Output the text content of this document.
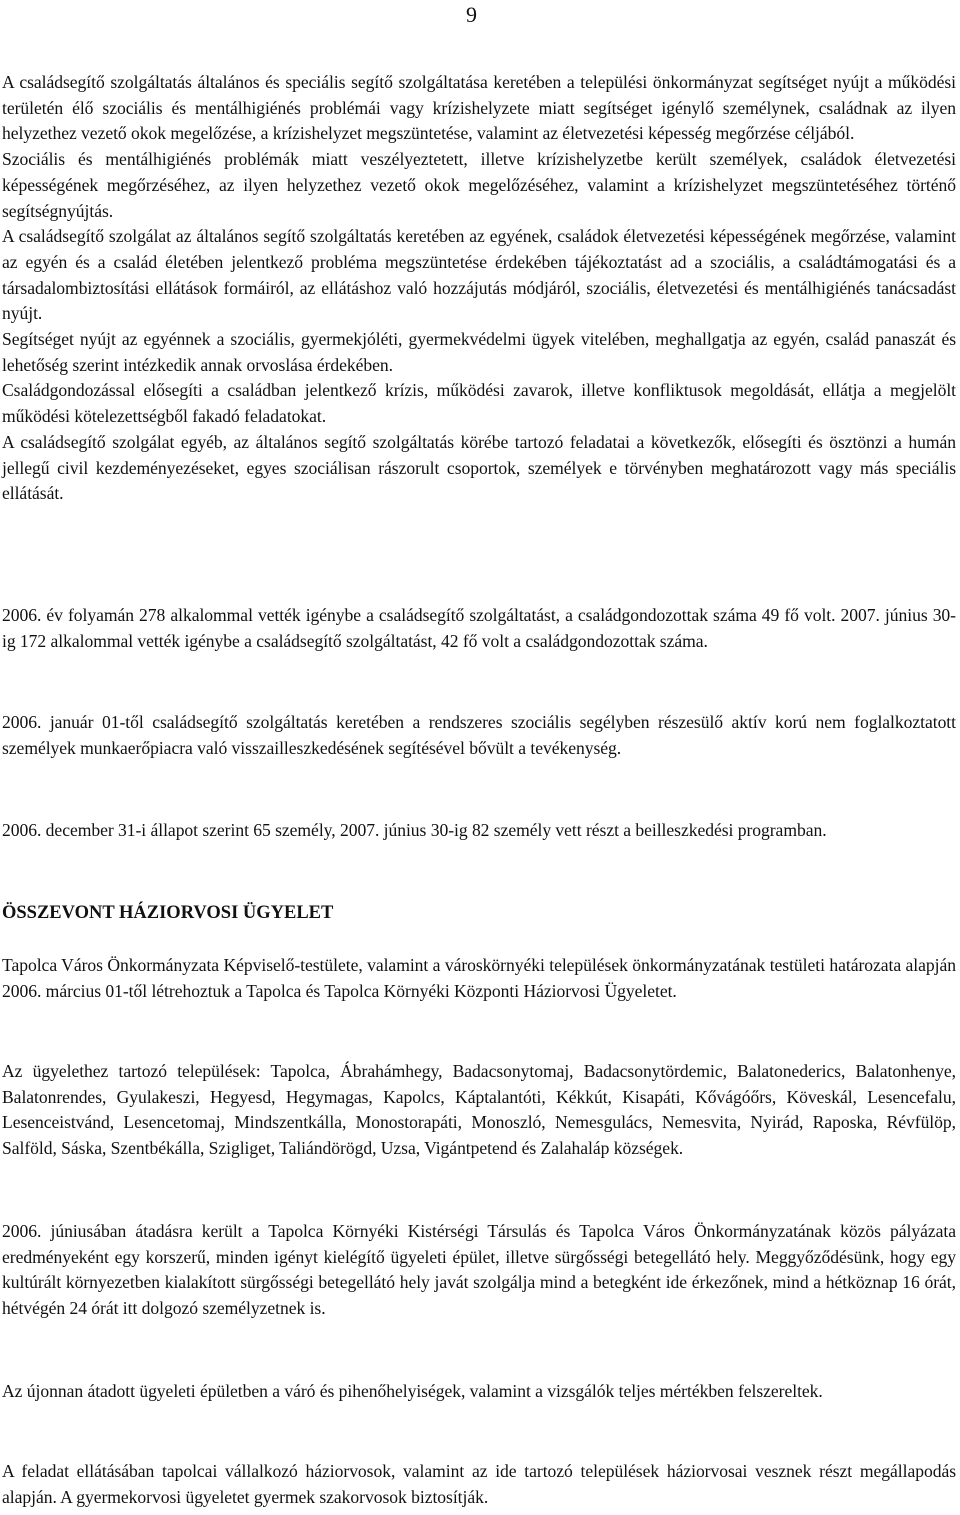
9

A családsegítő szolgáltatás általános és speciális segítő szolgáltatása keretében a települési önkormányzat segítséget nyújt a működési területén élő szociális és mentálhigiénés problémái vagy krízishelyzete miatt segítséget igénylő személynek, családnak az ilyen helyzethez vezető okok megelőzése, a krízishelyzet megszüntetése, valamint az életvezetési képesség megőrzése céljából.

Szociális és mentálhigiénés problémák miatt veszélyeztetett, illetve krízishelyzetbe került személyek, családok életvezetési képességének megőrzéséhez, az ilyen helyzethez vezető okok megelőzéséhez, valamint a krízishelyzet megszüntetéséhez történő segítségnyújtás.

A családsegítő szolgálat az általános segítő szolgáltatás keretében az egyének, családok életvezetési képességének megőrzése, valamint az egyén és a család életében jelentkező probléma megszüntetése érdekében tájékoztatást ad a szociális, a családtámogatási és a társadalombiztosítási ellátások formáiról, az ellátáshoz való hozzájutás módjáról, szociális, életvezetési és mentálhigiénés tanácsadást nyújt.

Segítséget nyújt az egyénnek a szociális, gyermekjóléti, gyermekvédelmi ügyek vitelében, meghallgatja az egyén, család panaszát és lehetőség szerint intézkedik annak orvoslása érdekében.

Családgondozással elősegíti a családban jelentkező krízis, működési zavarok, illetve konfliktusok megoldását, ellátja a megjelölt működési kötelezettségből fakadó feladatokat.

A családsegítő szolgálat egyéb, az általános segítő szolgáltatás körébe tartozó feladatai a következők, elősegíti és ösztönzi a humán jellegű civil kezdeményezéseket, egyes szociálisan rászorult csoportok, személyek e törvényben meghatározott vagy más speciális ellátását.

2006. év folyamán 278 alkalommal vették igénybe a családsegítő szolgáltatást, a családgondozottak száma 49 fő volt. 2007. június 30-ig 172 alkalommal vették igénybe a családsegítő szolgáltatást, 42 fő volt a családgondozottak száma.
2006. január 01-től családsegítő szolgáltatás keretében a rendszeres szociális segélyben részesülő aktív korú nem foglalkoztatott személyek munkaerőpiacra való visszailleszkedésének segítésével bővült a tevékenység.
2006. december 31-i állapot szerint 65 személy, 2007. június 30-ig 82 személy vett részt a beilleszkedési programban.
ÖSSZEVONT HÁZIORVOSI ÜGYELET
Tapolca Város Önkormányzata Képviselő-testülete, valamint a városkörnyéki települések önkormányzatának testületi határozata alapján 2006. március 01-től létrehoztuk a Tapolca és Tapolca Környéki Központi Háziorvosi Ügyeletet.
Az ügyelethez tartozó települések: Tapolca, Ábrahámhegy, Badacsonytomaj, Badacsonytördemic, Balatonederics, Balatonhenye, Balatonrendes, Gyulakeszi, Hegyesd, Hegymagas, Kapolcs, Káptalantóti, Kékkút, Kisapáti, Kővágóőrs, Köveskál, Lesencefalu, Lesenceistvánd, Lesencetomaj, Mindszentkálla, Monostorapáti, Monoszló, Nemesgulács, Nemesvita, Nyirád, Raposka, Révfülöp, Salföld, Sáska, Szentbékálla, Szigliget, Taliándörögd, Uzsa, Vigántpetend és Zalahaláp községek.
2006. júniusában átadásra került a Tapolca Környéki Kistérségi Társulás és Tapolca Város Önkormányzatának közös pályázata eredményeként egy korszerű, minden igényt kielégítő ügyeleti épület, illetve sürgősségi betegellátó hely. Meggyőződésünk, hogy egy kultúrált környezetben kialakított sürgősségi betegellátó hely javát szolgálja mind a betegként ide érkezőnek, mind a hétköznap 16 órát, hétvégén 24 órát itt dolgozó személyzetnek is.
Az újonnan átadott ügyeleti épületben a váró és pihenőhelyiségek, valamint a vizsgálók teljes mértékben felszereltek.
A feladat ellátásában tapolcai vállalkozó háziorvosok, valamint az ide tartozó települések háziorvosai vesznek részt megállapodás alapján. A gyermekorvosi ügyeletet gyermek szakorvosok biztosítják.
